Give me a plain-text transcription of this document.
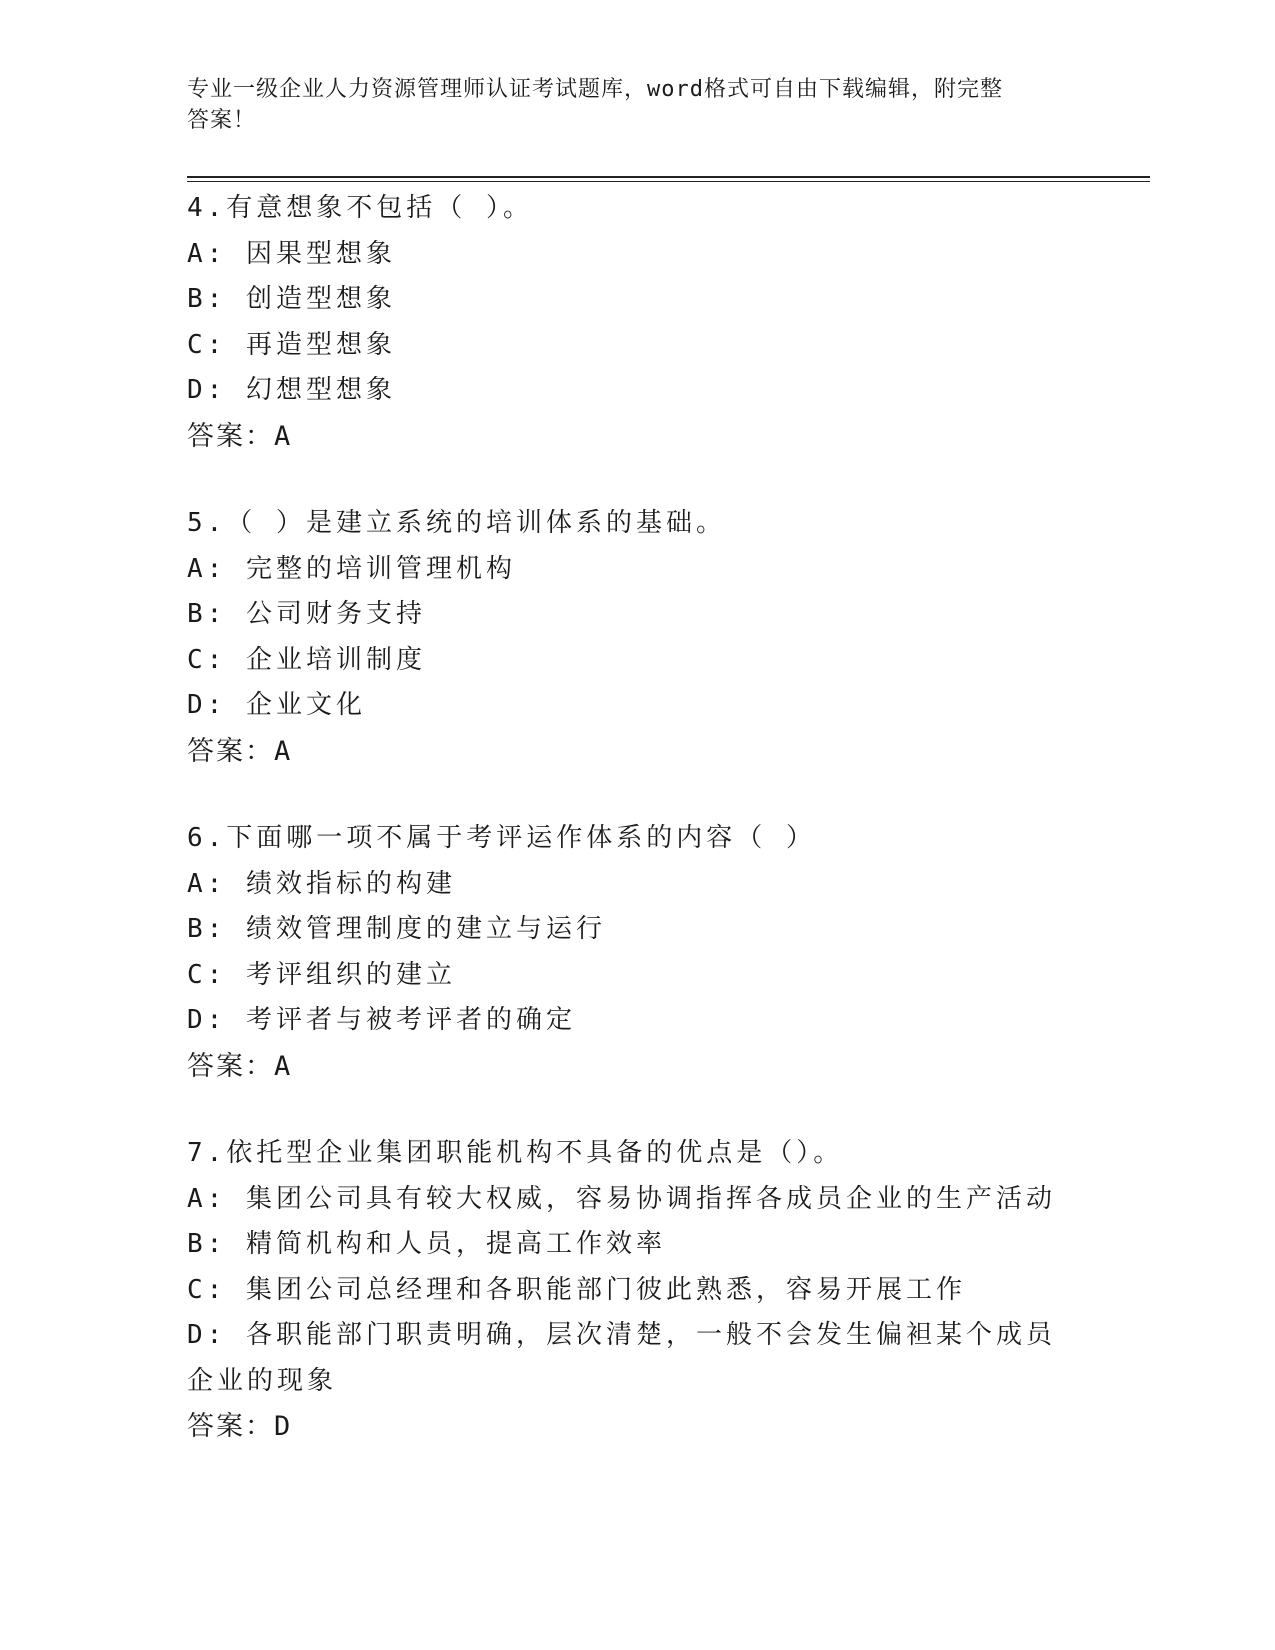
专业一级企业人力资源管理师认证考试题库，word格式可自由下载编辑，附完整
答案！
4.有意想象不包括（ ）。
A: 因果型想象
B: 创造型想象
C: 再造型想象
D: 幻想型想象
答案：A
5.（ ）是建立系统的培训体系的基础。
A: 完整的培训管理机构
B: 公司财务支持
C: 企业培训制度
D: 企业文化
答案：A
6.下面哪一项不属于考评运作体系的内容（ ）
A: 绩效指标的构建
B: 绩效管理制度的建立与运行
C: 考评组织的建立
D: 考评者与被考评者的确定
答案：A
7.依托型企业集团职能机构不具备的优点是（）。
A: 集团公司具有较大权威，容易协调指挥各成员企业的生产活动
B: 精简机构和人员，提高工作效率
C: 集团公司总经理和各职能部门彼此熟悉，容易开展工作
D: 各职能部门职责明确，层次清楚，一般不会发生偏袒某个成员企业的现象
答案：D
